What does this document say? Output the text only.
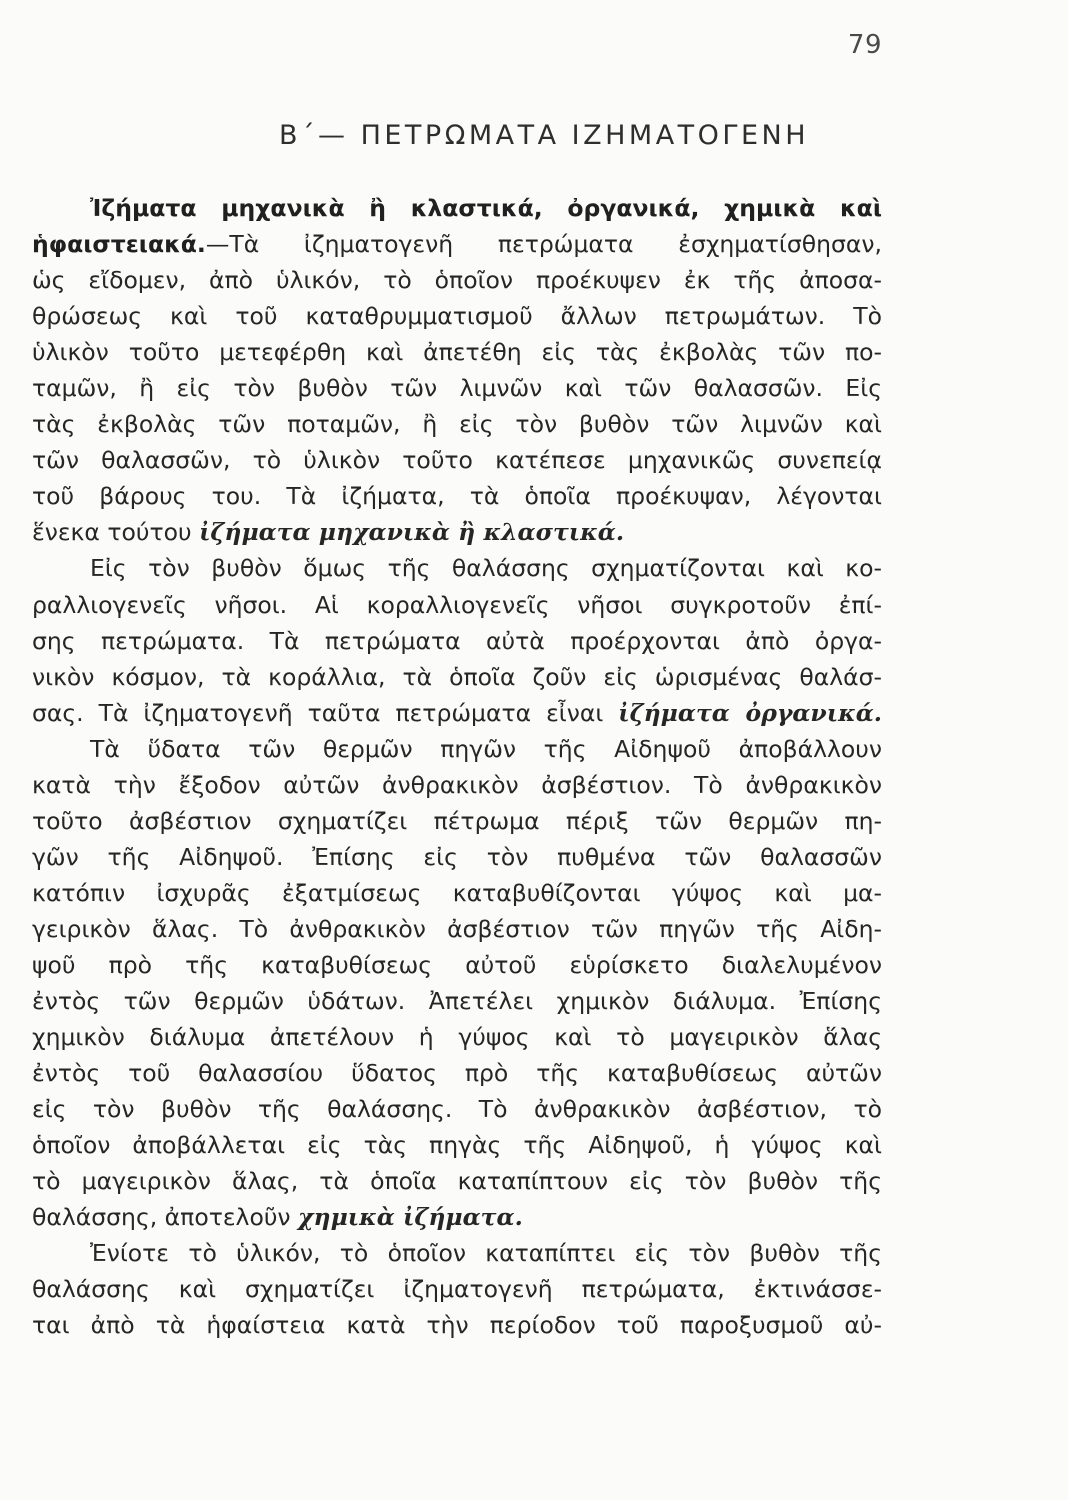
79
Β΄— ΠΕΤΡΩΜΑΤΑ ΙΖΗΜΑΤΟΓΕΝΗ
Ἰζήματα μηχανικὰ ἢ κλαστικά, ὀργανικά, χημικὰ καὶ
ἡφαιστειακά.—Τὰ ἰζηματογενῆ πετρώματα ἐσχηματίσθησαν,
ὡς εἴδομεν, ἀπὸ ὑλικόν, τὸ ὁποῖον προέκυψεν ἐκ τῆς ἀποσα-
θρώσεως καὶ τοῦ καταθρυμματισμοῦ ἄλλων πετρωμάτων. Τὸ
ὑλικὸν τοῦτο μετεφέρθη καὶ ἀπετέθη εἰς τὰς ἐκβολὰς τῶν πο-
ταμῶν, ἢ εἰς τὸν βυθὸν τῶν λιμνῶν καὶ τῶν θαλασσῶν. Εἰς
τὰς ἐκβολὰς τῶν ποταμῶν, ἢ εἰς τὸν βυθὸν τῶν λιμνῶν καὶ
τῶν θαλασσῶν, τὸ ὑλικὸν τοῦτο κατέπεσε μηχανικῶς συνεπείᾳ
τοῦ βάρους του. Τὰ ἰζήματα, τὰ ὁποῖα προέκυψαν, λέγονται
ἕνεκα τούτου ἰζήματα μηχανικὰ ἢ κλαστικά.
Εἰς τὸν βυθὸν ὅμως τῆς θαλάσσης σχηματίζονται καὶ κο-
ραλλιογενεῖς νῆσοι. Αἱ κοραλλιογενεῖς νῆσοι συγκροτοῦν ἐπί-
σης πετρώματα. Τὰ πετρώματα αὐτὰ προέρχονται ἀπὸ ὀργα-
νικὸν κόσμον, τὰ κοράλλια, τὰ ὁποῖα ζοῦν εἰς ὡρισμένας θαλάσ-
σας. Τὰ ἰζηματογενῆ ταῦτα πετρώματα εἶναι ἰζήματα ὀργανικά.
Τὰ ὕδατα τῶν θερμῶν πηγῶν τῆς Αἰδηψοῦ ἀποβάλλουν
κατὰ τὴν ἔξοδον αὐτῶν ἀνθρακικὸν ἀσβέστιον. Τὸ ἀνθρακικὸν
τοῦτο ἀσβέστιον σχηματίζει πέτρωμα πέριξ τῶν θερμῶν πη-
γῶν τῆς Αἰδηψοῦ. Ἐπίσης εἰς τὸν πυθμένα τῶν θαλασσῶν
κατόπιν ἰσχυρᾶς ἐξατμίσεως καταβυθίζονται γύψος καὶ μα-
γειρικὸν ἅλας. Τὸ ἀνθρακικὸν ἀσβέστιον τῶν πηγῶν τῆς Αἰδη-
ψοῦ πρὸ τῆς καταβυθίσεως αὐτοῦ εὑρίσκετο διαλελυμένον
ἐντὸς τῶν θερμῶν ὑδάτων. Ἀπετέλει χημικὸν διάλυμα. Ἐπίσης
χημικὸν διάλυμα ἀπετέλουν ἡ γύψος καὶ τὸ μαγειρικὸν ἅλας
ἐντὸς τοῦ θαλασσίου ὕδατος πρὸ τῆς καταβυθίσεως αὐτῶν
εἰς τὸν βυθὸν τῆς θαλάσσης. Τὸ ἀνθρακικὸν ἀσβέστιον, τὸ
ὁποῖον ἀποβάλλεται εἰς τὰς πηγὰς τῆς Αἰδηψοῦ, ἡ γύψος καὶ
τὸ μαγειρικὸν ἅλας, τὰ ὁποῖα καταπίπτουν εἰς τὸν βυθὸν τῆς
θαλάσσης, ἀποτελοῦν χημικὰ ἰζήματα.
Ἐνίοτε τὸ ὑλικόν, τὸ ὁποῖον καταπίπτει εἰς τὸν βυθὸν τῆς
θαλάσσης καὶ σχηματίζει ἰζηματογενῆ πετρώματα, ἐκτινάσσε-
ται ἀπὸ τὰ ἡφαίστεια κατὰ τὴν περίοδον τοῦ παροξυσμοῦ αὐ-
